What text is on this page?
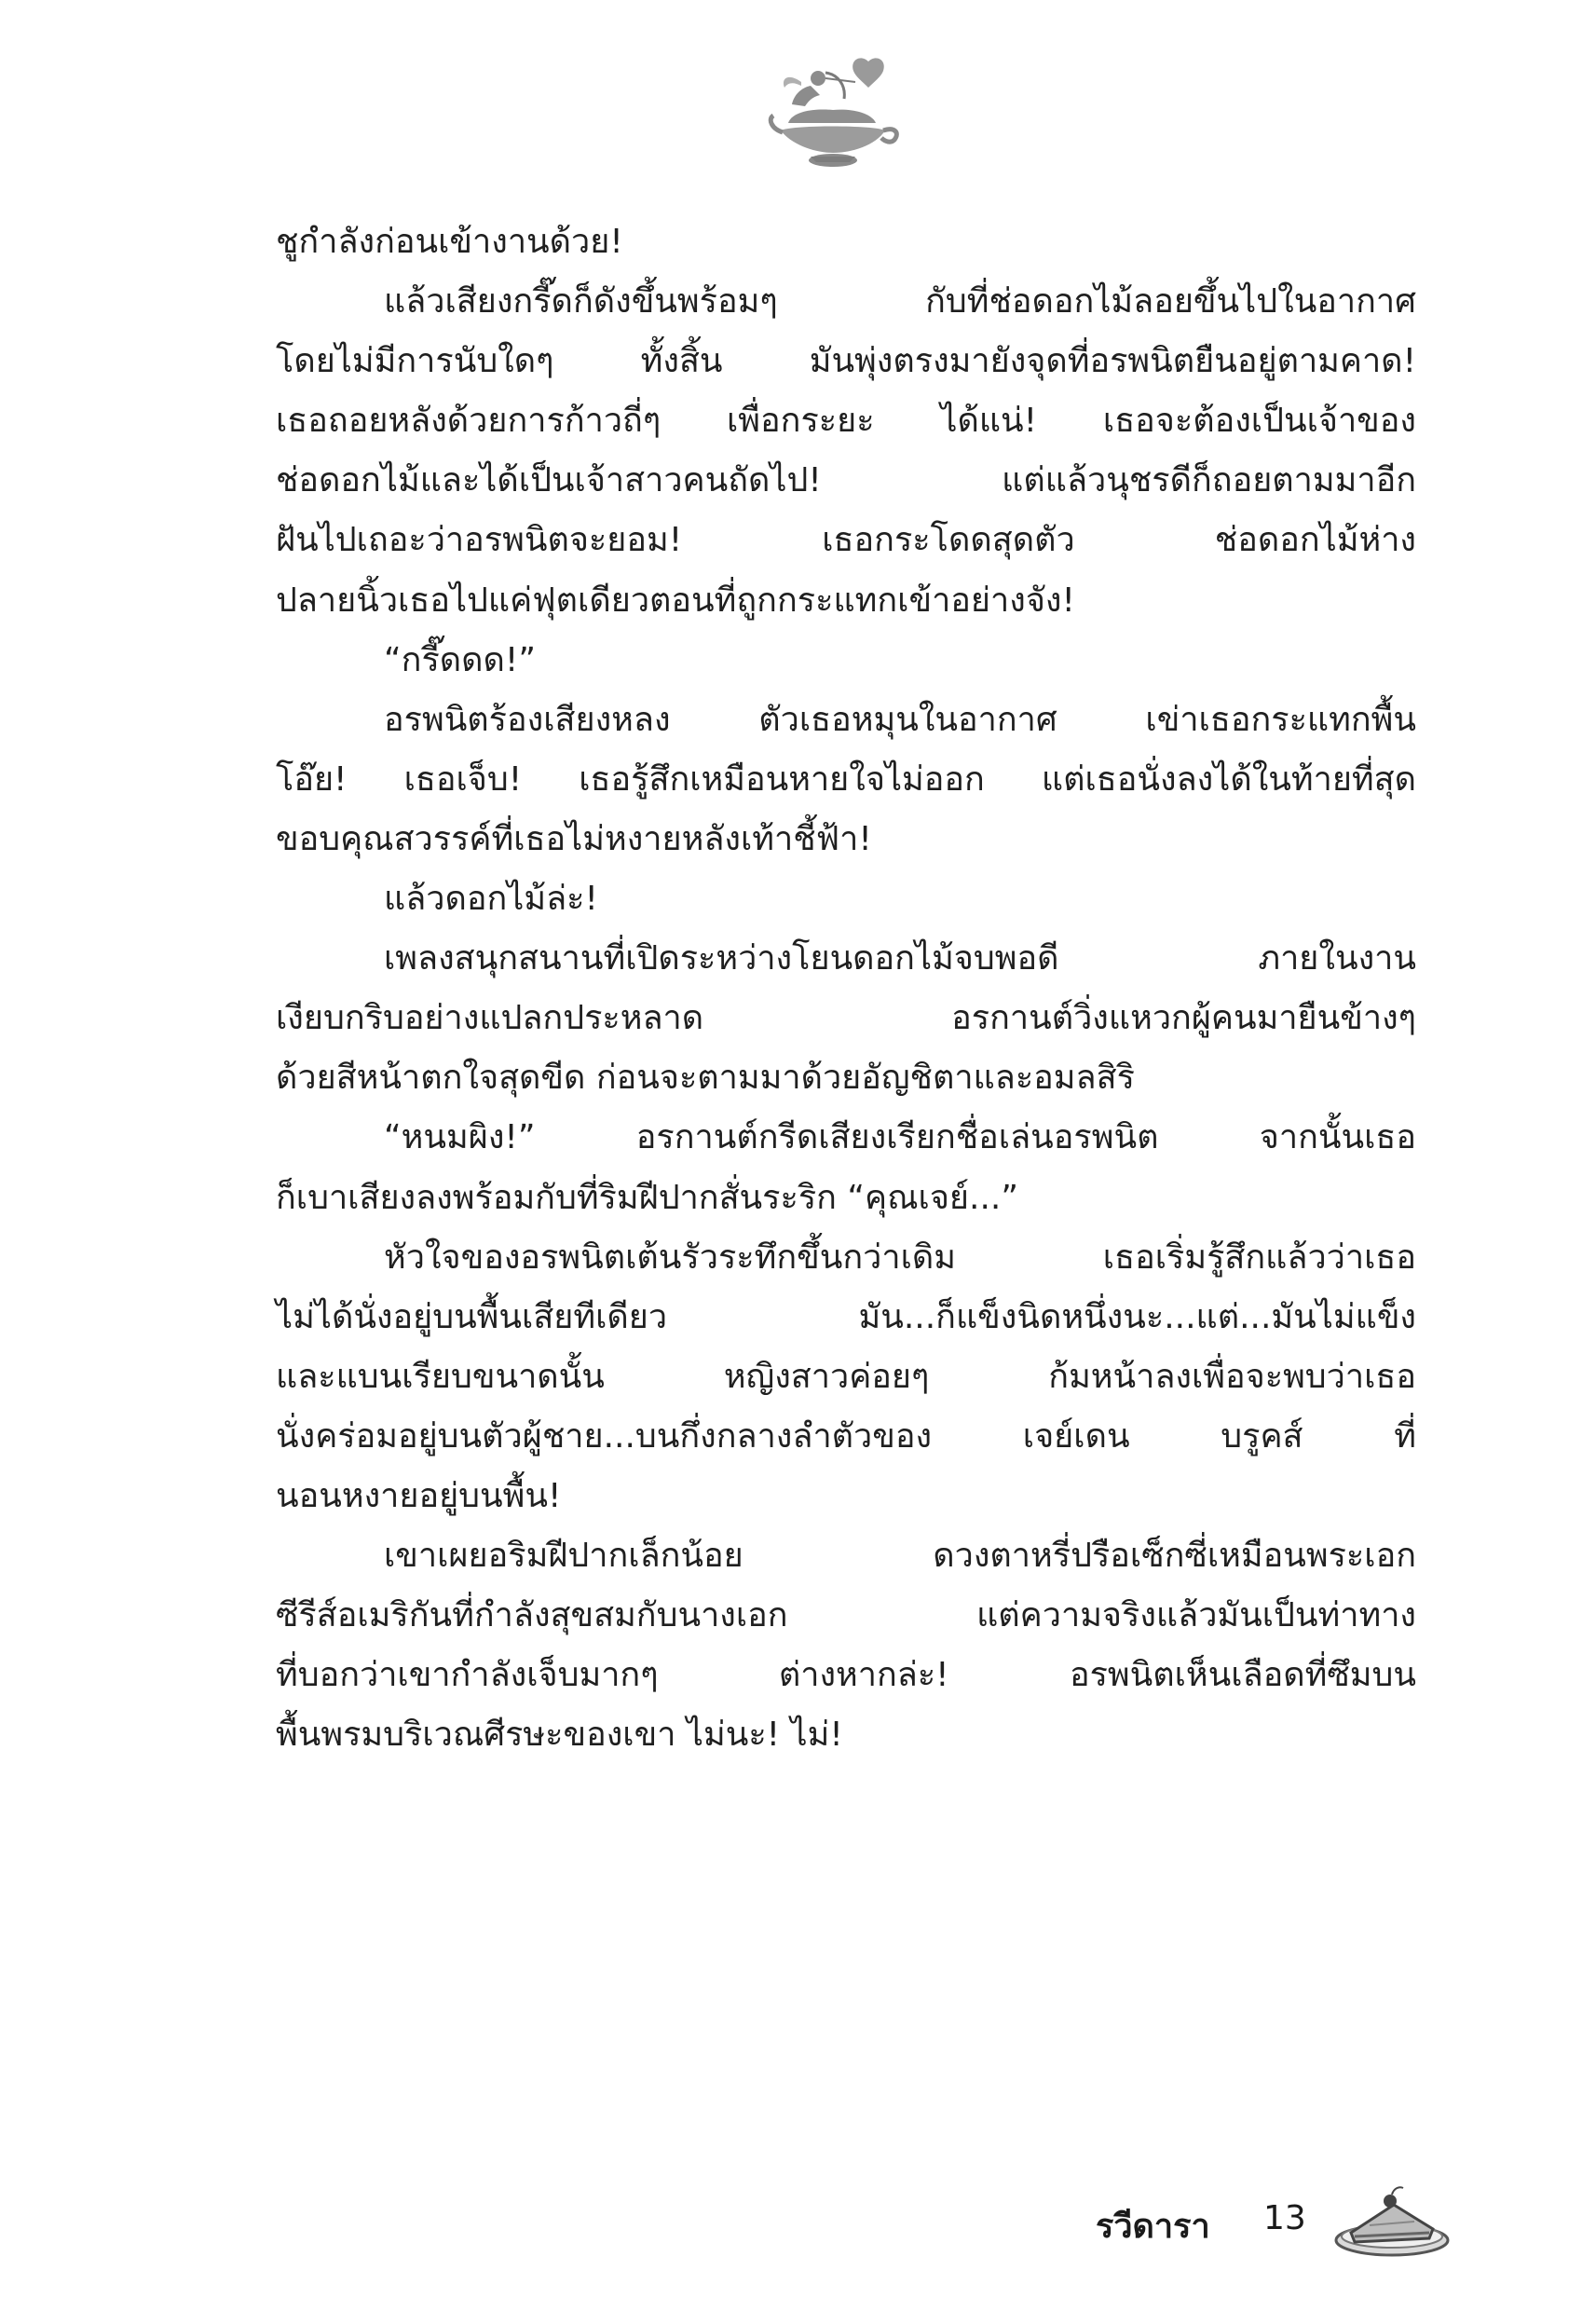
ชูกำลังก่อนเข้างานด้วย!
แล้วเสียงกรี๊ดก็ดังขึ้นพร้อมๆ กับที่ช่อดอกไม้ลอยขึ้นไปในอากาศ
โดยไม่มีการนับใดๆ ทั้งสิ้น มันพุ่งตรงมายังจุดที่อรพนิตยืนอยู่ตามคาด!
เธอถอยหลังด้วยการก้าวถี่ๆ เพื่อกระยะ ได้แน่! เธอจะต้องเป็นเจ้าของ
ช่อดอกไม้และได้เป็นเจ้าสาวคนถัดไป! แต่แล้วนุชรดีก็ถอยตามมาอีก
ฝันไปเถอะว่าอรพนิตจะยอม! เธอกระโดดสุดตัว ช่อดอกไม้ห่าง
ปลายนิ้วเธอไปแค่ฟุตเดียวตอนที่ถูกกระแทกเข้าอย่างจัง!
“กรี๊ดดด!”
อรพนิตร้องเสียงหลง ตัวเธอหมุนในอากาศ เข่าเธอกระแทกพื้น
โอ๊ย! เธอเจ็บ! เธอรู้สึกเหมือนหายใจไม่ออก แต่เธอนั่งลงได้ในท้ายที่สุด
ขอบคุณสวรรค์ที่เธอไม่หงายหลังเท้าชี้ฟ้า!
แล้วดอกไม้ล่ะ!
เพลงสนุกสนานที่เปิดระหว่างโยนดอกไม้จบพอดี ภายในงาน
เงียบกริบอย่างแปลกประหลาด อรกานต์วิ่งแหวกผู้คนมายืนข้างๆ
ด้วยสีหน้าตกใจสุดขีด ก่อนจะตามมาด้วยอัญชิตาและอมลสิริ
“หนมผิง!” อรกานต์กรีดเสียงเรียกชื่อเล่นอรพนิต จากนั้นเธอ
ก็เบาเสียงลงพร้อมกับที่ริมฝีปากสั่นระริก “คุณเจย์...”
หัวใจของอรพนิตเต้นรัวระทึกขึ้นกว่าเดิม เธอเริ่มรู้สึกแล้วว่าเธอ
ไม่ได้นั่งอยู่บนพื้นเสียทีเดียว มัน...ก็แข็งนิดหนึ่งนะ...แต่...มันไม่แข็ง
และแบนเรียบขนาดนั้น หญิงสาวค่อยๆ ก้มหน้าลงเพื่อจะพบว่าเธอ
นั่งคร่อมอยู่บนตัวผู้ชาย...บนกึ่งกลางลำตัวของ เจย์เดน บรูคส์ ที่
นอนหงายอยู่บนพื้น!
เขาเผยอริมฝีปากเล็กน้อย ดวงตาหรี่ปรือเซ็กซี่เหมือนพระเอก
ซีรีส์อเมริกันที่กำลังสุขสมกับนางเอก แต่ความจริงแล้วมันเป็นท่าทาง
ที่บอกว่าเขากำลังเจ็บมากๆ ต่างหากล่ะ! อรพนิตเห็นเลือดที่ซึมบน
พื้นพรมบริเวณศีรษะของเขา ไม่นะ! ไม่!
รวีดารา 13
